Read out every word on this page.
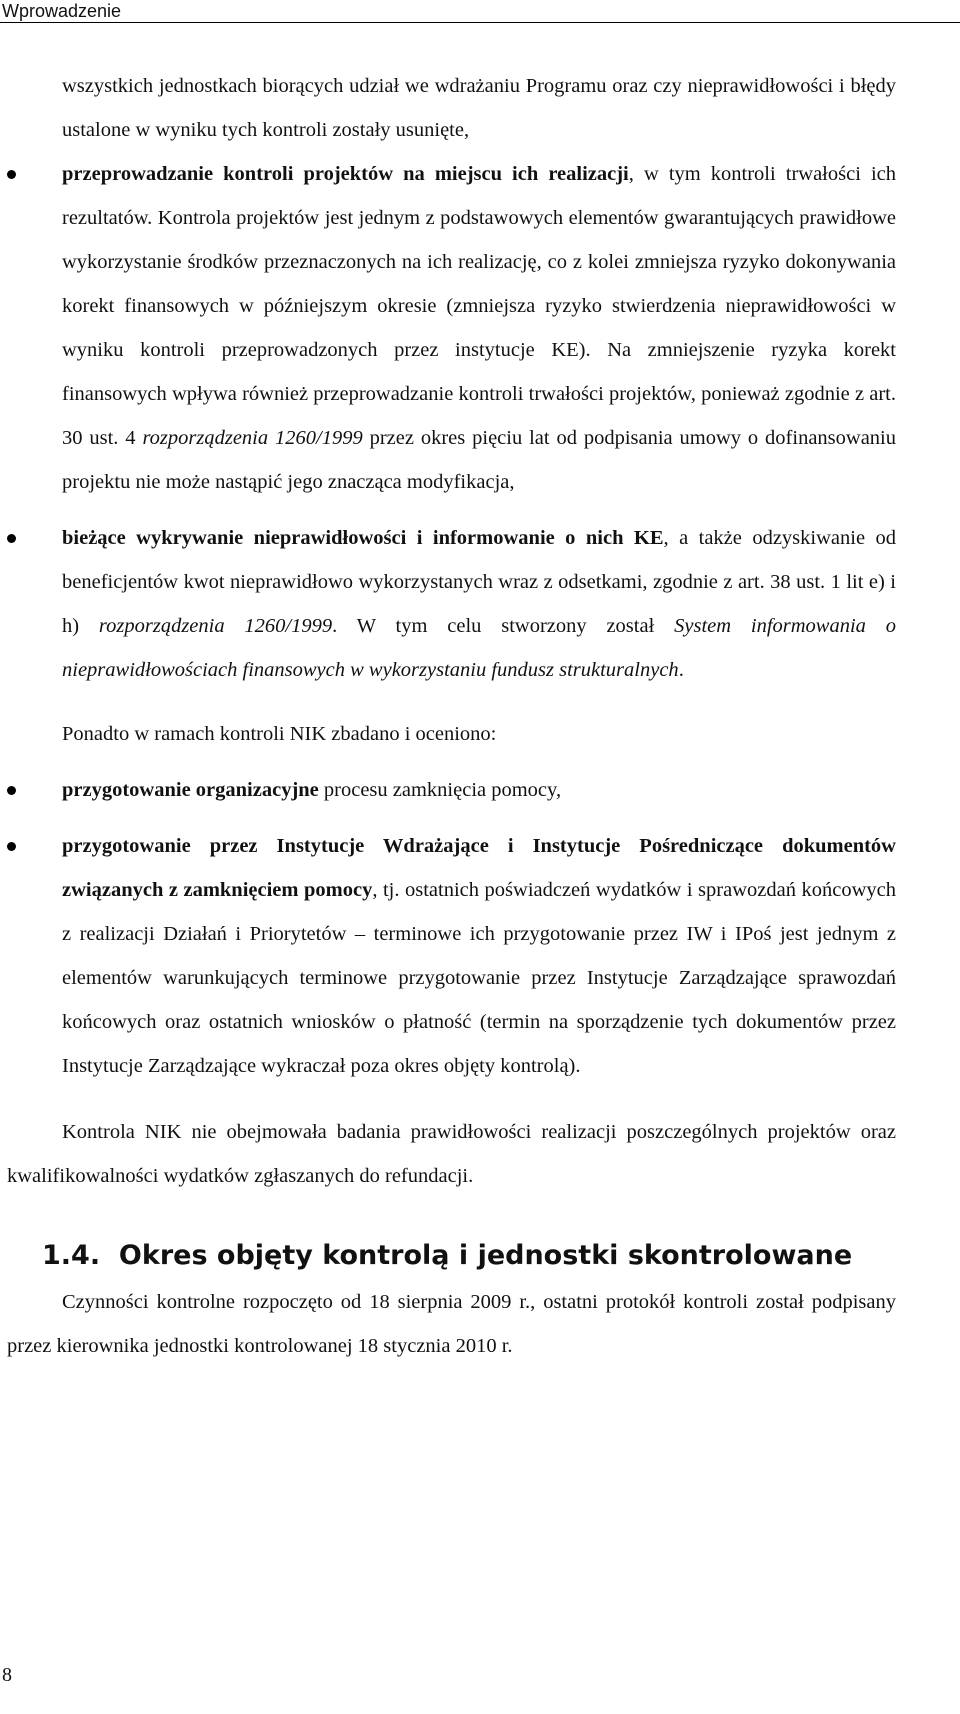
Wprowadzenie

wszystkich jednostkach biorących udział we wdrażaniu Programu oraz czy nieprawidłowości i błędy ustalone w wyniku tych kontroli zostały usunięte,

przeprowadzanie kontroli projektów na miejscu ich realizacji, w tym kontroli trwałości ich rezultatów. Kontrola projektów jest jednym z podstawowych elementów gwarantujących prawidłowe wykorzystanie środków przeznaczonych na ich realizację, co z kolei zmniejsza ryzyko dokonywania korekt finansowych w późniejszym okresie (zmniejsza ryzyko stwierdzenia nieprawidłowości w wyniku kontroli przeprowadzonych przez instytucje KE). Na zmniejszenie ryzyka korekt finansowych wpływa również przeprowadzanie kontroli trwałości projektów, ponieważ zgodnie z art. 30 ust. 4 rozporządzenia 1260/1999 przez okres pięciu lat od podpisania umowy o dofinansowaniu projektu nie może nastąpić jego znacząca modyfikacja,

bieżące wykrywanie nieprawidłowości i informowanie o nich KE, a także odzyskiwanie od beneficjentów kwot nieprawidłowo wykorzystanych wraz z odsetkami, zgodnie z art. 38 ust. 1 lit e) i h) rozporządzenia 1260/1999. W tym celu stworzony został System informowania o nieprawidłowościach finansowych w wykorzystaniu fundusz strukturalnych.

Ponadto w ramach kontroli NIK zbadano i oceniono:

przygotowanie organizacyjne procesu zamknięcia pomocy,

przygotowanie przez Instytucje Wdrażające i Instytucje Pośredniczące dokumentów związanych z zamknięciem pomocy, tj. ostatnich poświadczeń wydatków i sprawozdań końcowych z realizacji Działań i Priorytetów – terminowe ich przygotowanie przez IW i IPoś jest jednym z elementów warunkujących terminowe przygotowanie przez Instytucje Zarządzające sprawozdań końcowych oraz ostatnich wniosków o płatność (termin na sporządzenie tych dokumentów przez Instytucje Zarządzające wykraczał poza okres objęty kontrolą).

Kontrola NIK nie obejmowała badania prawidłowości realizacji poszczególnych projektów oraz kwalifikowalności wydatków zgłaszanych do refundacji.

1.4. Okres objęty kontrolą i jednostki skontrolowane

Czynności kontrolne rozpoczęto od 18 sierpnia 2009 r., ostatni protokół kontroli został podpisany przez kierownika jednostki kontrolowanej 18 stycznia 2010 r.

8
